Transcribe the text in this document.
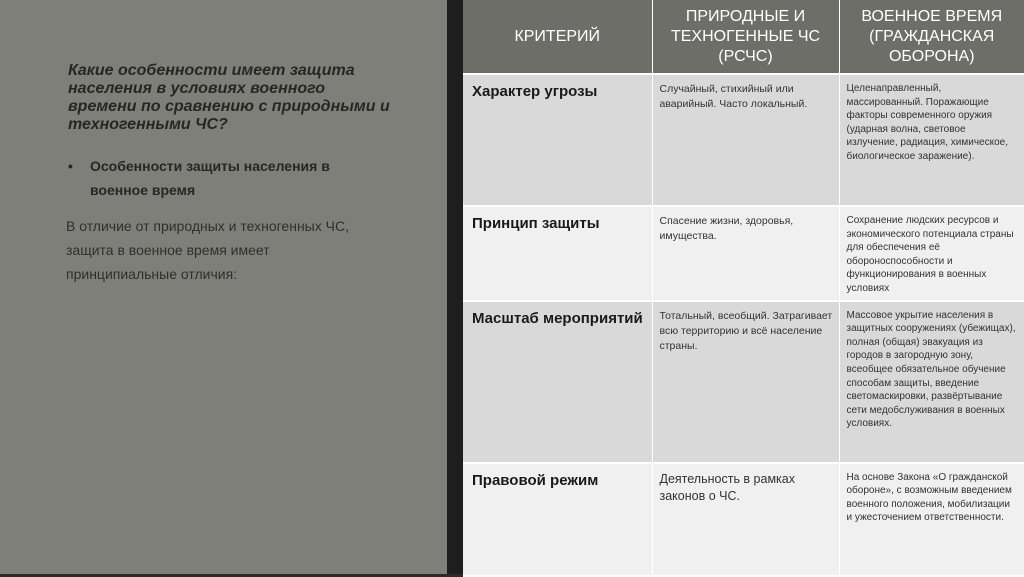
Какие особенности имеет защита населения в условиях военного времени по сравнению с природными и техногенными ЧС?
•	Особенности защиты населения в военное время
В отличие от природных и техногенных ЧС, защита в военное время имеет принципиальные отличия:
КРИТЕРИЙ	ПРИРОДНЫЕ И ТЕХНОГЕННЫЕ ЧС (РСЧС)	ВОЕННОЕ ВРЕМЯ (ГРАЖДАНСКАЯ ОБОРОНА)
Характер угрозы	Случайный, стихийный или аварийный. Часто локальный.	Целенаправленный, массированный. Поражающие факторы современного оружия (ударная волна, световое излучение, радиация, химическое, биологическое заражение).
Принцип защиты	Спасение жизни, здоровья, имущества.	Сохранение людских ресурсов и экономического потенциала страны для обеспечения её обороноспособности и функционирования в военных условиях
Масштаб мероприятий	Тотальный, всеобщий. Затрагивает всю территорию и всё население страны.	Массовое укрытие населения в защитных сооружениях (убежищах), полная (общая) эвакуация из городов в загородную зону, всеобщее обязательное обучение способам защиты, введение светомаскировки, развёртывание сети медобслуживания в военных условиях.
Правовой режим	Деятельность в рамках законов о ЧС.	На основе Закона «О гражданской обороне», с возможным введением военного положения, мобилизации и ужесточением ответственности.
